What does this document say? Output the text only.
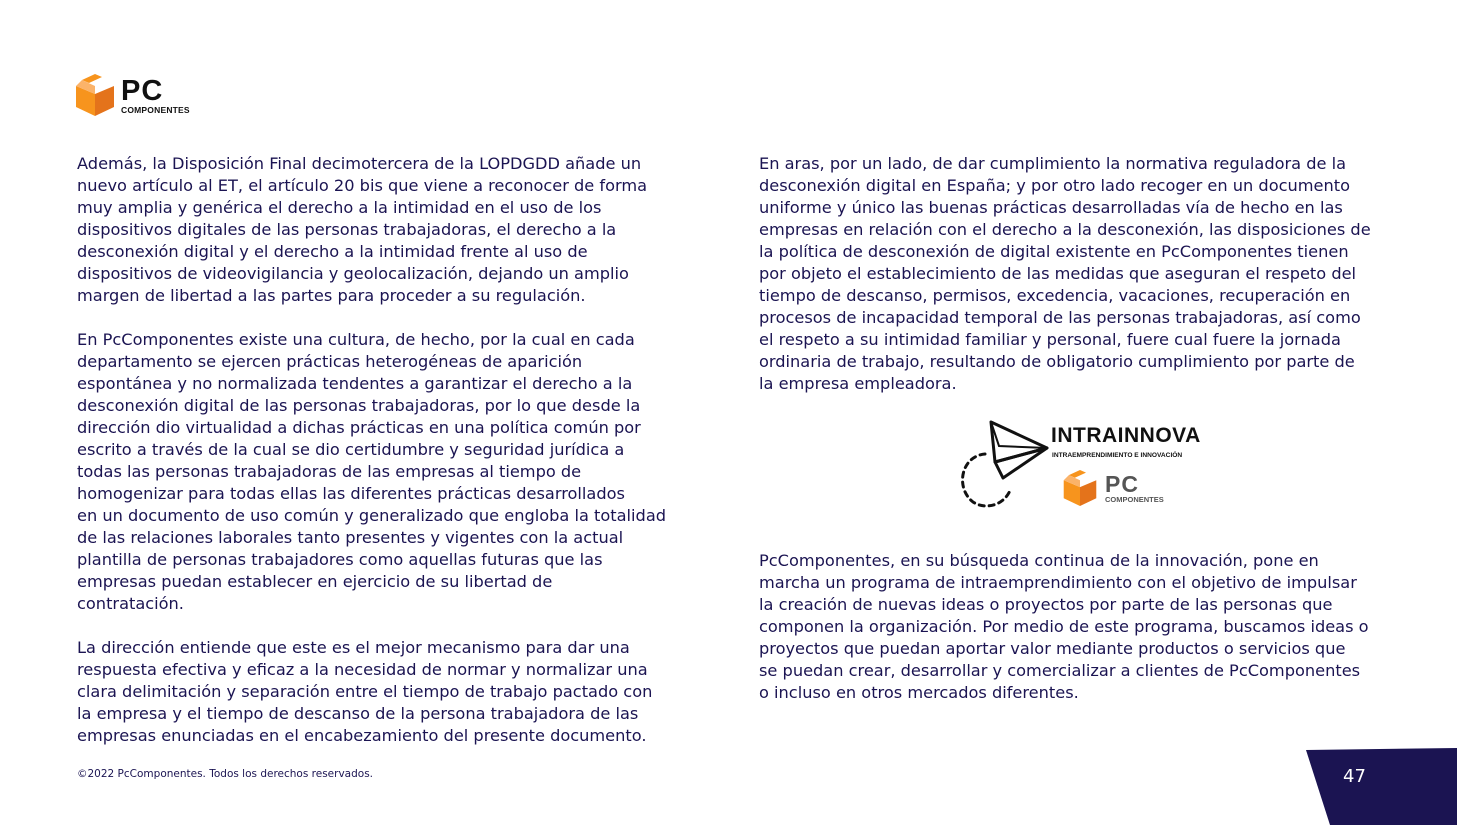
PC
COMPONENTES

Además, la Disposición Final decimotercera de la LOPDGDD añade un
nuevo artículo al ET, el artículo 20 bis que viene a reconocer de forma
muy amplia y genérica el derecho a la intimidad en el uso de los
dispositivos digitales de las personas trabajadoras, el derecho a la
desconexión digital y el derecho a la intimidad frente al uso de
dispositivos de videovigilancia y geolocalización, dejando un amplio
margen de libertad a las partes para proceder a su regulación.

En PcComponentes existe una cultura, de hecho, por la cual en cada
departamento se ejercen prácticas heterogéneas de aparición
espontánea y no normalizada tendentes a garantizar el derecho a la
desconexión digital de las personas trabajadoras, por lo que desde la
dirección dio virtualidad a dichas prácticas en una política común por
escrito a través de la cual se dio certidumbre y seguridad jurídica a
todas las personas trabajadoras de las empresas al tiempo de
homogenizar para todas ellas las diferentes prácticas desarrollados
en un documento de uso común y generalizado que engloba la totalidad
de las relaciones laborales tanto presentes y vigentes con la actual
plantilla de personas trabajadores como aquellas futuras que las
empresas puedan establecer en ejercicio de su libertad de
contratación.

La dirección entiende que este es el mejor mecanismo para dar una
respuesta efectiva y eficaz a la necesidad de normar y normalizar una
clara delimitación y separación entre el tiempo de trabajo pactado con
la empresa y el tiempo de descanso de la persona trabajadora de las
empresas enunciadas en el encabezamiento del presente documento.

En aras, por un lado, de dar cumplimiento la normativa reguladora de la
desconexión digital en España; y por otro lado recoger en un documento
uniforme y único las buenas prácticas desarrolladas vía de hecho en las
empresas en relación con el derecho a la desconexión, las disposiciones de
la política de desconexión de digital existente en PcComponentes tienen
por objeto el establecimiento de las medidas que aseguran el respeto del
tiempo de descanso, permisos, excedencia, vacaciones, recuperación en
procesos de incapacidad temporal de las personas trabajadoras, así como
el respeto a su intimidad familiar y personal, fuere cual fuere la jornada
ordinaria de trabajo, resultando de obligatorio cumplimiento por parte de
la empresa empleadora.

INTRAINNOVA
INTRAEMPRENDIMIENTO E INNOVACIÓN
PC
COMPONENTES

PcComponentes, en su búsqueda continua de la innovación, pone en
marcha un programa de intraemprendimiento con el objetivo de impulsar
la creación de nuevas ideas o proyectos por parte de las personas que
componen la organización. Por medio de este programa, buscamos ideas o
proyectos que puedan aportar valor mediante productos o servicios que
se puedan crear, desarrollar y comercializar a clientes de PcComponentes
o incluso en otros mercados diferentes.

©2022 PcComponentes. Todos los derechos reservados.	47
